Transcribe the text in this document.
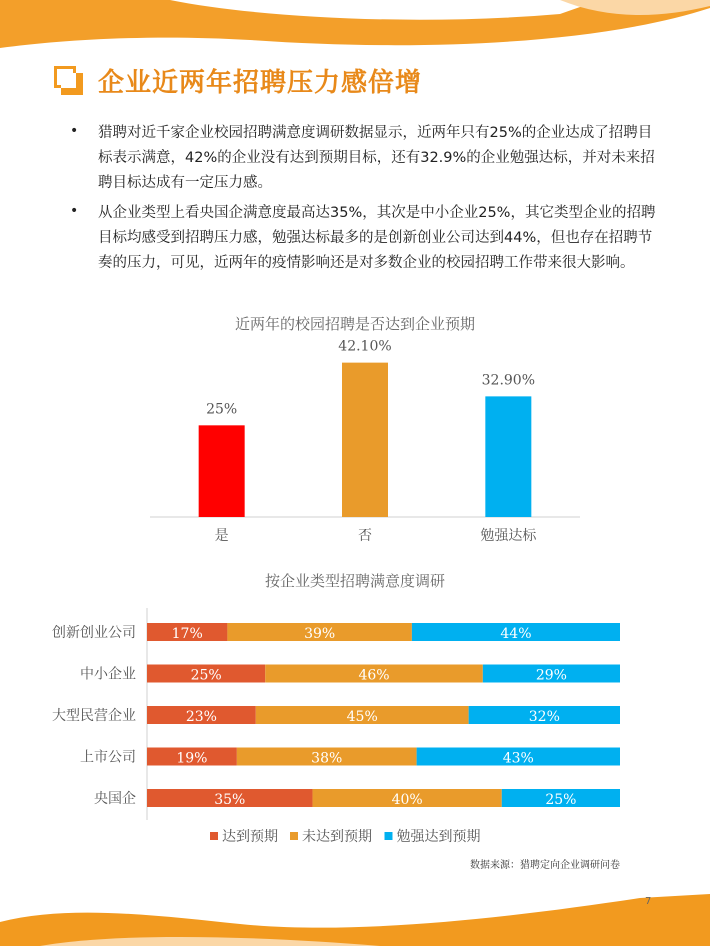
企业近两年招聘压力感倍增
• 猎聘对近千家企业校园招聘满意度调研数据显示，近两年只有25%的企业达成了招聘目标表示满意，42%的企业没有达到预期目标，还有32.9%的企业勉强达标，并对未来招聘目标达成有一定压力感。
• 从企业类型上看央国企满意度最高达35%，其次是中小企业25%，其它类型企业的招聘目标均感受到招聘压力感，勉强达标最多的是创新创业公司达到44%，但也存在招聘节奏的压力，可见，近两年的疫情影响还是对多数企业的校园招聘工作带来很大影响。
近两年的校园招聘是否达到企业预期
25%
是
42.10%
否
32.90%
勉强达标
按企业类型招聘满意度调研
创新创业公司	17%	39%	44%
中小企业	25%	46%	29%
大型民营企业	23%	45%	32%
上市公司	19%	38%	43%
央国企	35%	40%	25%
达到预期 未达到预期 勉强达到预期
数据来源：猎聘定向企业调研问卷
7
